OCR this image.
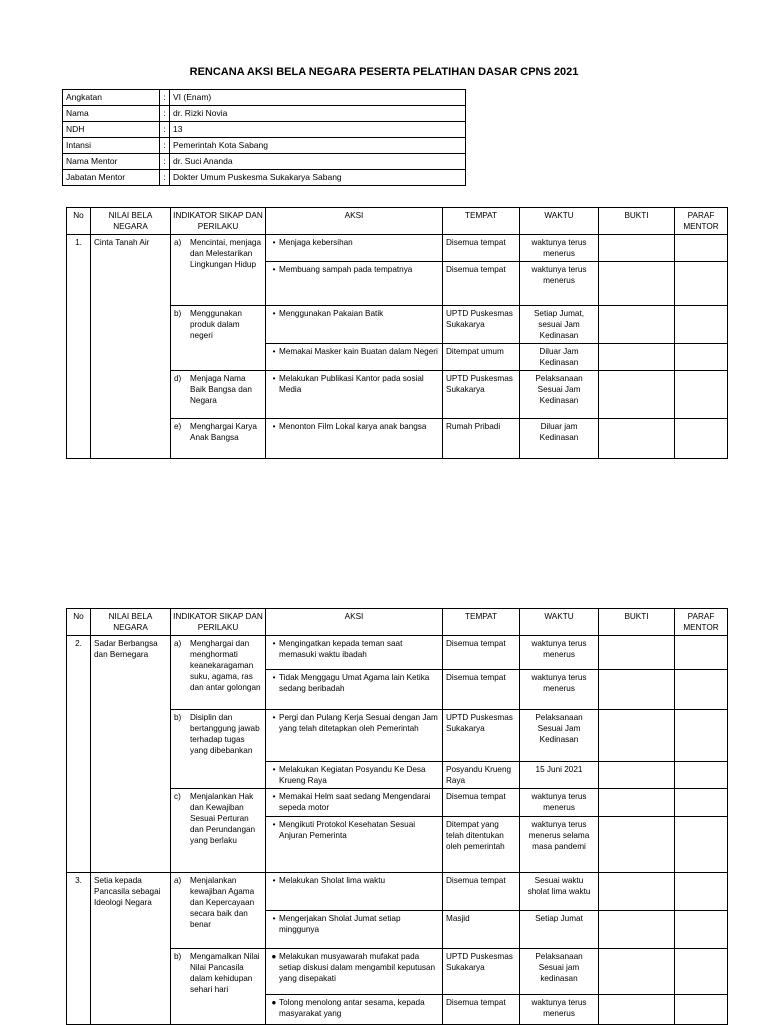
RENCANA AKSI BELA NEGARA PESERTA PELATIHAN DASAR CPNS 2021
Angkatan	:	VI (Enam)
Nama	:	dr. Rizki Novia
NDH	:	13
Intansi	:	Pemerintah Kota Sabang
Nama Mentor	:	dr. Suci Ananda
Jabatan Mentor	:	Dokter Umum Puskesma Sukakarya Sabang
No	NILAI BELA NEGARA	INDIKATOR SIKAP DAN PERILAKU	AKSI	TEMPAT	WAKTU	BUKTI	PARAF MENTOR
1.	Cinta Tanah Air	a) Mencintai, menjaga dan Melestarikan Lingkungan Hidup	• Menjaga kebersihan	Disemua tempat	waktunya terus menerus		

			• Membuang sampah pada tempatnya	Disemua tempat	waktunya terus menerus		

		b) Menggunakan produk dalam negeri	• Menggunakan Pakaian Batik	UPTD Puskesmas Sukakarya	Setiap Jumat, sesuai Jam Kedinasan		

			• Memakai Masker kain Buatan dalam Negeri	Ditempat umum	Diluar Jam Kedinasan		

		d) Menjaga Nama Baik Bangsa dan Negara	• Melakukan Publikasi Kantor pada sosial Media	UPTD Puskesmas Sukakarya	Pelaksanaan Sesuai Jam Kedinasan		

		e) Menghargai Karya Anak Bangsa	• Menonton Film Lokal karya anak bangsa	Rumah Pribadi	Diluar jam Kedinasan		
No	NILAI BELA NEGARA	INDIKATOR SIKAP DAN PERILAKU	AKSI	TEMPAT	WAKTU	BUKTI	PARAF MENTOR
2.	Sadar Berbangsa dan Bernegara	a) Menghargai dan menghormati keanekaragaman suku, agama, ras dan antar golongan	• Mengingatkan kepada teman saat memasuki waktu ibadah	Disemua tempat	waktunya terus menerus		

			• Tidak Menggagu Umat Agama lain Ketika sedang beribadah	Disemua tempat	waktunya terus menerus		

		b) Disiplin dan bertanggung jawab terhadap tugas yang dibebankan	• Pergi dan Pulang Kerja Sesuai dengan Jam yang telah ditetapkan oleh Pemerintah	UPTD Puskesmas Sukakarya	Pelaksanaan Sesuai Jam Kedinasan		

			• Melakukan Kegiatan Posyandu Ke Desa Krueng Raya	Posyandu Krueng Raya	15 Juni 2021		

		c) Menjalankan Hak dan Kewajiban Sesuai Perturan dan Perundangan yang berlaku	• Memakai Helm saat sedang Mengendarai sepeda motor	Disemua tempat	waktunya terus menerus		

			• Mengikuti Protokol Kesehatan Sesuai Anjuran Pemerinta	Ditempat yang telah ditentukan oleh pemerintah	waktunya terus menerus selama masa pandemi		
3.	Setia kepada Pancasila sebagai Ideologi Negara	a) Menjalankan kewajiban Agama dan Kepercayaan secara baik dan benar	• Melakukan Sholat lima waktu	Disemua tempat	Sesuai waktu sholat lima waktu		

			• Mengerjakan Sholat Jumat setiap minggunya	Masjid	Setiap Jumat		

		b) Mengamalkan Nilai Nilai Pancasila dalam kehidupan sehari hari	● Melakukan musyawarah mufakat pada setiap diskusi dalam mengambil keputusan yang disepakati	UPTD Puskesmas Sukakarya	Pelaksanaan Sesuai jam kedinasan		

			● Tolong menolong antar sesama, kepada masyarakat yang	Disemua tempat	waktunya terus menerus		
